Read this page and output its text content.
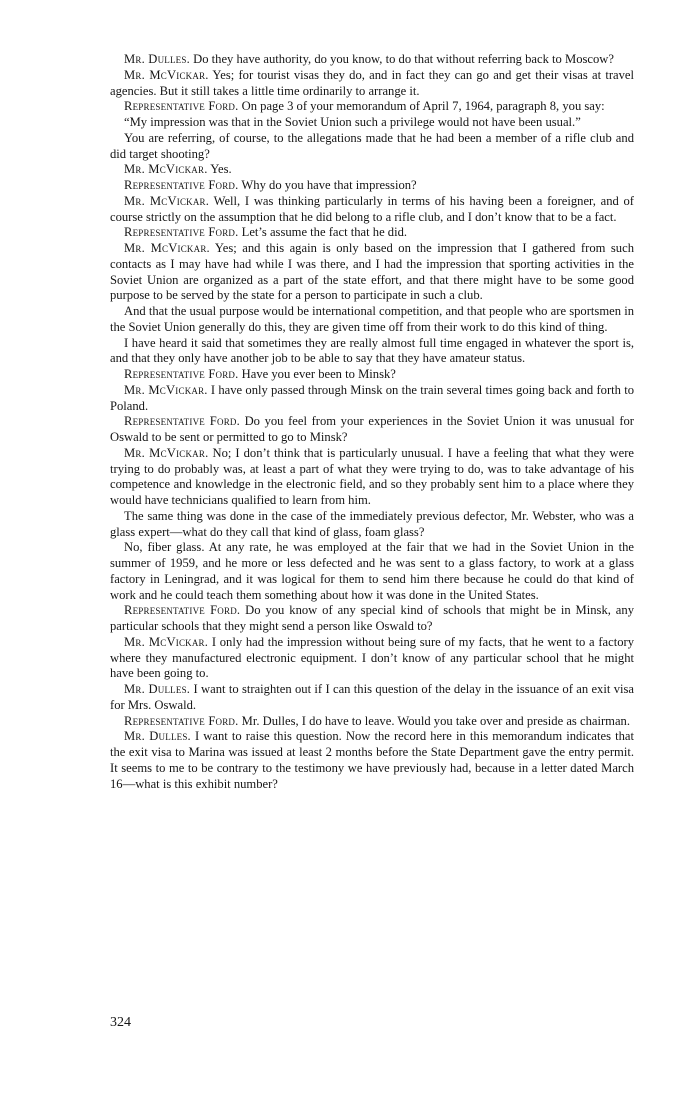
Mr. Dulles. Do they have authority, do you know, to do that without referring back to Moscow?

Mr. McVickar. Yes; for tourist visas they do, and in fact they can go and get their visas at travel agencies. But it still takes a little time ordinarily to arrange it.

Representative Ford. On page 3 of your memorandum of April 7, 1964, paragraph 8, you say:

“My impression was that in the Soviet Union such a privilege would not have been usual.”

You are referring, of course, to the allegations made that he had been a member of a rifle club and did target shooting?

Mr. McVickar. Yes.

Representative Ford. Why do you have that impression?

Mr. McVickar. Well, I was thinking particularly in terms of his having been a foreigner, and of course strictly on the assumption that he did belong to a rifle club, and I don’t know that to be a fact.

Representative Ford. Let’s assume the fact that he did.

Mr. McVickar. Yes; and this again is only based on the impression that I gathered from such contacts as I may have had while I was there, and I had the impression that sporting activities in the Soviet Union are organized as a part of the state effort, and that there might have to be some good purpose to be served by the state for a person to participate in such a club.

And that the usual purpose would be international competition, and that people who are sportsmen in the Soviet Union generally do this, they are given time off from their work to do this kind of thing.

I have heard it said that sometimes they are really almost full time engaged in whatever the sport is, and that they only have another job to be able to say that they have amateur status.

Representative Ford. Have you ever been to Minsk?

Mr. McVickar. I have only passed through Minsk on the train several times going back and forth to Poland.

Representative Ford. Do you feel from your experiences in the Soviet Union it was unusual for Oswald to be sent or permitted to go to Minsk?

Mr. McVickar. No; I don’t think that is particularly unusual. I have a feeling that what they were trying to do probably was, at least a part of what they were trying to do, was to take advantage of his competence and knowledge in the electronic field, and so they probably sent him to a place where they would have technicians qualified to learn from him.

The same thing was done in the case of the immediately previous defector, Mr. Webster, who was a glass expert—what do they call that kind of glass, foam glass?

No, fiber glass. At any rate, he was employed at the fair that we had in the Soviet Union in the summer of 1959, and he more or less defected and he was sent to a glass factory, to work at a glass factory in Leningrad, and it was logical for them to send him there because he could do that kind of work and he could teach them something about how it was done in the United States.

Representative Ford. Do you know of any special kind of schools that might be in Minsk, any particular schools that they might send a person like Oswald to?

Mr. McVickar. I only had the impression without being sure of my facts, that he went to a factory where they manufactured electronic equipment. I don’t know of any particular school that he might have been going to.

Mr. Dulles. I want to straighten out if I can this question of the delay in the issuance of an exit visa for Mrs. Oswald.

Representative Ford. Mr. Dulles, I do have to leave. Would you take over and preside as chairman.

Mr. Dulles. I want to raise this question. Now the record here in this memorandum indicates that the exit visa to Marina was issued at least 2 months before the State Department gave the entry permit. It seems to me to be contrary to the testimony we have previously had, because in a letter dated March 16—what is this exhibit number?

324
